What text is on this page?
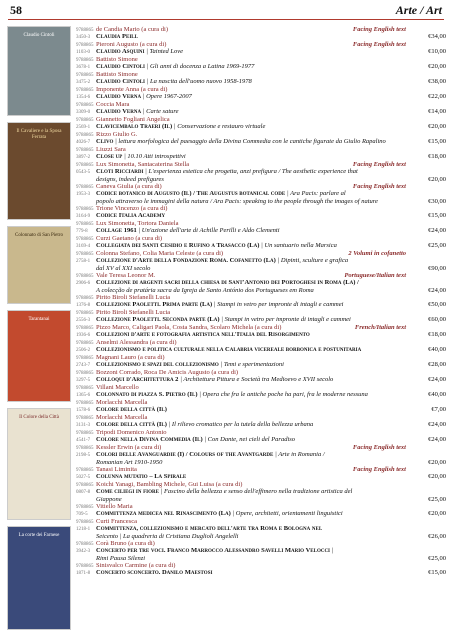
58	Arte / Art
Claudio Cintoli
Il Cavaliere e la Sposa Ferrata
Colonnato di San Pietro
Tarantanai
Il Colore della Città
La corte dei Farnese
9788865 de Candia Mario (a cura di)	Facing English text
3450-3 Claudia Peill	€34,00
9788865 Pieroni Augusto (a cura di)	Facing English text
1103-0 Claudio Asquini | Tainted Love	€10,00
9788865 Battisto Simone
3678-1 Claudio Cintoli | Gli anni di docenza a Latina 1969-1977	€20,00
9788865 Battisto Simone
3475-2 Claudio Cintoli | La nascita dell'uomo nuovo 1958-1978	€38,00
9788865 Imponente Anna (a cura di)
1354-6 Claudio Verna | Opere 1967-2007	€22,00
9788865 Coccia Mara
3309-0 Claudio Verna | Carte sature	€14,00
9788865 Giannetto Fogliani Angelica
2569-1 Clavicembalo Traeri (Il) | Conservazione e restauro virtuale	€20,00
9788865 Rizzo Giulio G.
4026-7 Clivo | lettura morfologica del paesaggio della Divina Commedia con le cantiche figurate da Giulio Rapalino	€15,00
9788865 Liuzzi Sara
3897-2 Close up | 10.10 Atti introspettivi	€18,00
9788865 Lux Simonetta, Santacaterina Stella	Facing English text
0543-5 Cloti Ricciardi | L'esperienza estetica che progetta, anzi prefigura / The aesthetic experience that
designs, indeed prefigures	€20,00
9788865 Caneva Giulia (a cura di)	Facing English text
1953-3 Codice botanico di Augusto (Il) / The Augustus botanical code | Ara Pacis: parlare al
popolo attraverso le immagini della natura / Ara Pacis: speaking to the people through the images of nature	€30,00
9788865 Trione Vincenzo (a cura di)
3164-9 Codice Italia Academy	€15,00
9788865 Lux Simonetta, Tortora Daniela
779-8 Collage 1961 | Un'azione dell'arte di Achille Perilli e Aldo Clementi	€24,00
9788865 Curzi Gaetano (a cura di)
3169-4 Collegiata dei Santi Cesidio e Rufino a Trasacco (La) | Un santuario nella Marsica	€25,00
9788865 Colonna Stefano, Colia Maria Celeste (a cura di)	2 Volumi in cofanetto
2758-1 Collezione d'Arte della Fondazione Roma. Cofanetto (La) | Dipinti, sculture e grafica
dal XV al XXI secolo	€90,00
9788865 Vale Teresa Leonor M.	Portuguese/Italian text
2906-6 Collezione di argenti sacri della chiesa di Sant'Antonio dei Portoghesi in Roma (La) /
A colecção de pratária sacra da Igreja de Santo António dos Portugueses em Roma	€24,00
9788865 Pirito Biroli Stefanelli Lucia
1376-8 Collezione Paoletti. Prima parte (La) | Stampi in vetro per impronte di intagli e cammei	€50,00
9788865 Pirito Biroli Stefanelli Lucia
2556-3 Collezione Paoletti. Seconda parte (La) | Stampi in vetro per impronte di intagli e cammei	€60,00
9788865 Pizzo Marco, Caligari Paola, Costa Sandra, Scolaro Michela (a cura di)	French/Italian text
1936-6 Collezioni d'arte e fotografia artistica nell'Italia del Risorgimento	€18,00
9788865 Anselmi Alessandra (a cura di)
2506-2 Collezionismo e politica culturale nella Calabria vicereale borbonica e postunitaria	€40,00
9788865 Magnani Lauro (a cura di)
2743-7 Collezionismo e spazi del collezionismo | Temi e sperimentazioni	€28,00
9788865 Bozzoni Corrado, Roca De Amicis Augusto (a cura di)
3297-5 Colloqui d'Architettura 2 | Architettura Pittura e Società tra Medioevo e XVII secolo	€24,00
9788865 Villani Marcello
1365-6 Colonnato di piazza S. Pietro (Il) | Opera che fra le antiche poche ha pari, fra le moderne nessuna	€40,00
9788865 Morlacchi Marcella
1578-6 Colore della città (Il)	€7,00
9788865 Morlacchi Marcella
3131-3 Colore della città (Il) | Il rilievo cromatico per la tutela della bellezza urbana	€24,00
9788865 Tripodi Domenico Antonio
4541-7 Colore nella Divina Commedia (Il) | Con Dante, nei cieli del Paradiso	€24,00
9788865 Kessler Erwin (a cura di)	Facing English text
2198-5 Colori delle Avanguardie (I) / Colours of the Avantgarde | Arte in Romania /
Romanian Art 1910-1950	€20,00
9788865 Tanasi Liminita	Facing English text
5027-5 Colunna mutatio – La Spirale	€20,00
9788865 Koichi Yanagi, Bambling Michele, Gui Luisa (a cura di)
0807-8 Come ciliegi in fiore | Fascino della bellezza e senso dell'effimero nella tradizione artistica del
Giappone	€25,00
9788865 Vitiello Maria
709-5 Committenza medicea nel Rinascimento (La) | Opere, architetti, orientamenti linguistici	€20,00
9788865 Curti Francesca
1218-1 Committenza, collezionismo e mercato dell'arte tra Roma e Bologna nel
Seicento | La quadreria di Cristiana Duglioli Angelelli	€26,00
9788865 Corà Bruno (a cura di)
3942-3 Concerto per tre voci. Franco Marrocco Alessandro Savelli Mario Velocci |
Rimi Pausa Silenzi	€25,00
9788865 Sinisvalco Carmine (a cura di)
1871-8 Concerto sconcerto. Danilo Maestosi	€15,00
